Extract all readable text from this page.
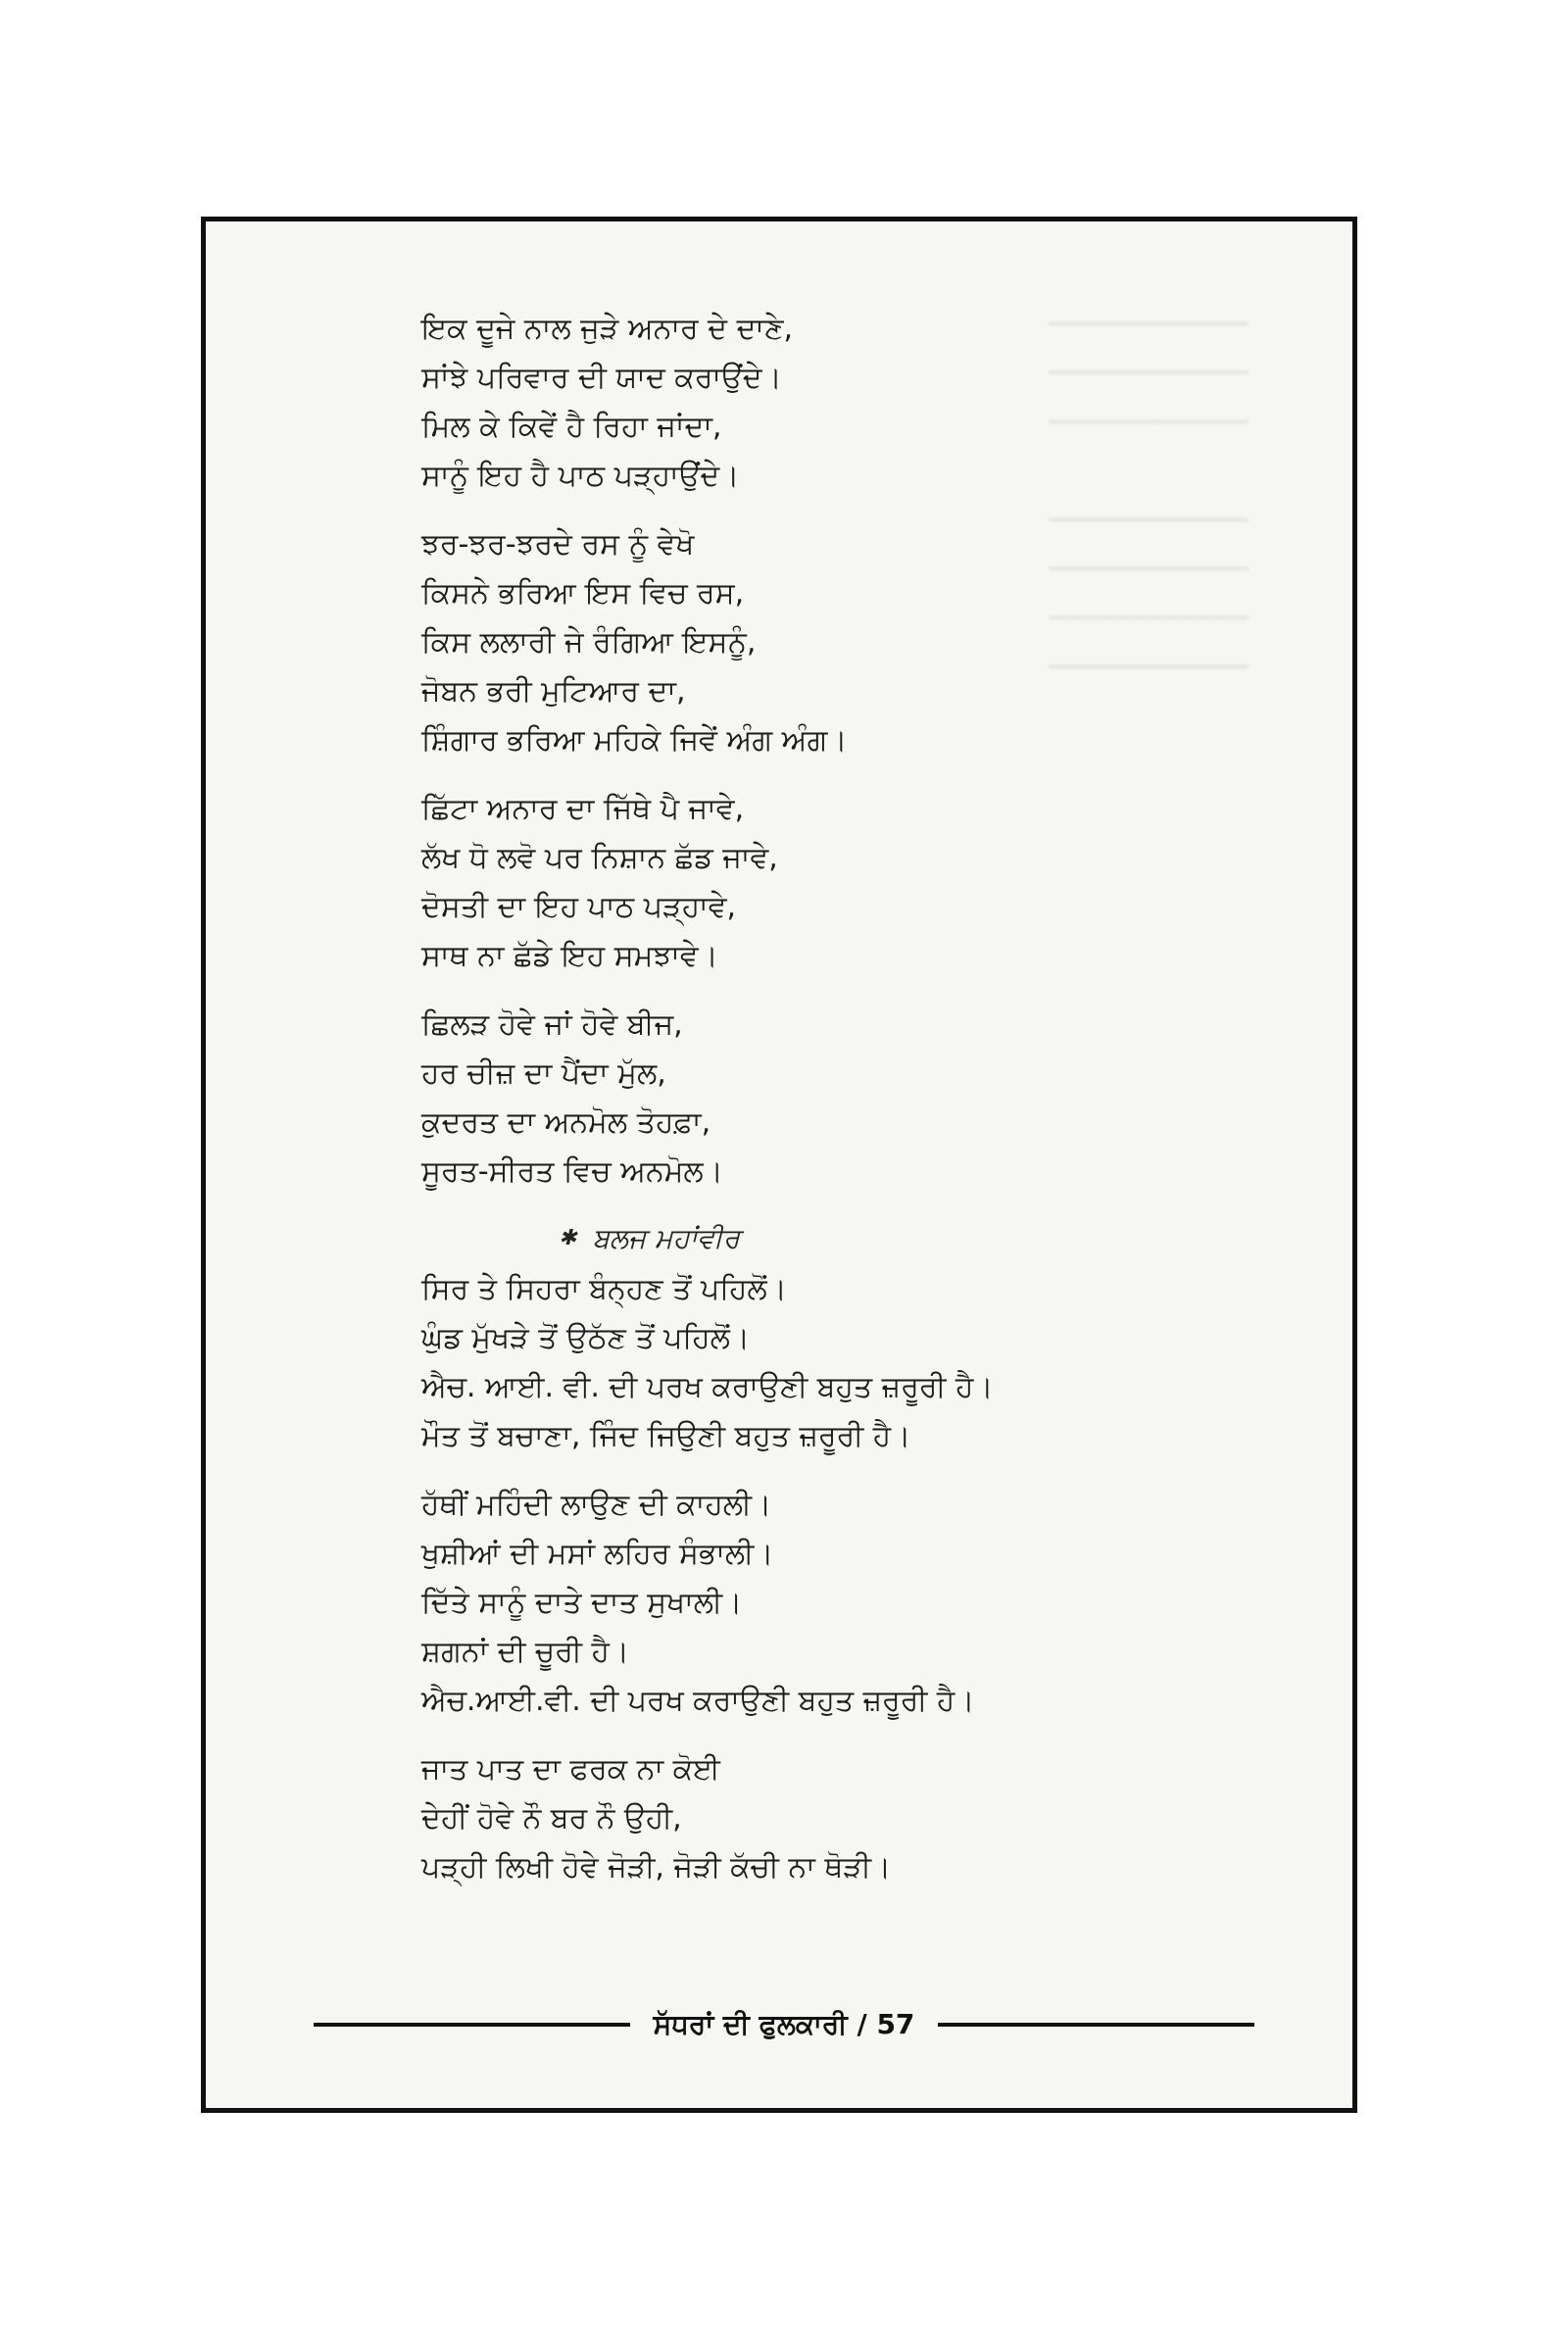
━━━━━━━━━━━━━
━━━━━━━━━━━━━
━━━━━━━━━━━━━

━━━━━━━━━━━━━
━━━━━━━━━━━━━
━━━━━━━━━━━━━
━━━━━━━━━━━━━
ਇਕ ਦੂਜੇ ਨਾਲ ਜੁੜੇ ਅਨਾਰ ਦੇ ਦਾਣੇ,
ਸਾਂਝੇ ਪਰਿਵਾਰ ਦੀ ਯਾਦ ਕਰਾਉਂਦੇ।
ਮਿਲ ਕੇ ਕਿਵੇਂ ਹੈ ਰਿਹਾ ਜਾਂਦਾ,
ਸਾਨੂੰ ਇਹ ਹੈ ਪਾਠ ਪੜ੍ਹਾਉਂਦੇ।
ਝਰ-ਝਰ-ਝਰਦੇ ਰਸ ਨੂੰ ਵੇਖੋ
ਕਿਸਨੇ ਭਰਿਆ ਇਸ ਵਿਚ ਰਸ,
ਕਿਸ ਲਲਾਰੀ ਜੇ ਰੰਗਿਆ ਇਸਨੂੰ,
ਜੋਬਨ ਭਰੀ ਮੁਟਿਆਰ ਦਾ,
ਸ਼ਿੰਗਾਰ ਭਰਿਆ ਮਹਿਕੇ ਜਿਵੇਂ ਅੰਗ ਅੰਗ।
ਛਿੱਟਾ ਅਨਾਰ ਦਾ ਜਿੱਥੇ ਪੈ ਜਾਵੇ,
ਲੱਖ ਧੋ ਲਵੋ ਪਰ ਨਿਸ਼ਾਨ ਛੱਡ ਜਾਵੇ,
ਦੋਸਤੀ ਦਾ ਇਹ ਪਾਠ ਪੜ੍ਹਾਵੇ,
ਸਾਥ ਨਾ ਛੱਡੇ ਇਹ ਸਮਝਾਵੇ।
ਛਿਲੜ ਹੋਵੇ ਜਾਂ ਹੋਵੇ ਬੀਜ,
ਹਰ ਚੀਜ਼ ਦਾ ਪੈਂਦਾ ਮੁੱਲ,
ਕੁਦਰਤ ਦਾ ਅਨਮੋਲ ਤੋਹਫ਼ਾ,
ਸੂਰਤ-ਸੀਰਤ ਵਿਚ ਅਨਮੋਲ।
✱ ਬਲਜ ਮਹਾਂਵੀਰ
ਸਿਰ ਤੇ ਸਿਹਰਾ ਬੰਨ੍ਹਣ ਤੋਂ ਪਹਿਲੋਂ।
ਘੁੰਡ ਮੁੱਖੜੇ ਤੋਂ ਉਠੱਣ ਤੋਂ ਪਹਿਲੋਂ।
ਐਚ. ਆਈ. ਵੀ. ਦੀ ਪਰਖ ਕਰਾਉਣੀ ਬਹੁਤ ਜ਼ਰੂਰੀ ਹੈ।
ਮੌਤ ਤੋਂ ਬਚਾਣਾ, ਜਿੰਦ ਜਿਉਣੀ ਬਹੁਤ ਜ਼ਰੂਰੀ ਹੈ।
ਹੱਥੀਂ ਮਹਿੰਦੀ ਲਾਉਣ ਦੀ ਕਾਹਲੀ।
ਖੁਸ਼ੀਆਂ ਦੀ ਮਸਾਂ ਲਹਿਰ ਸੰਭਾਲੀ।
ਦਿੱਤੇ ਸਾਨੂੰ ਦਾਤੇ ਦਾਤ ਸੁਖਾਲੀ।
ਸ਼ਗਨਾਂ ਦੀ ਚੂਰੀ ਹੈ।
ਐਚ.ਆਈ.ਵੀ. ਦੀ ਪਰਖ ਕਰਾਉਣੀ ਬਹੁਤ ਜ਼ਰੂਰੀ ਹੈ।
ਜਾਤ ਪਾਤ ਦਾ ਫਰਕ ਨਾ ਕੋਈ
ਦੇਹੀਂ ਹੋਵੇ ਨੌ ਬਰ ਨੌ ਉਹੀ,
ਪੜ੍ਹੀ ਲਿਖੀ ਹੋਵੇ ਜੋੜੀ, ਜੋੜੀ ਕੱਚੀ ਨਾ ਥੋੜੀ।
ਸੱਧਰਾਂ ਦੀ ਫੁਲਕਾਰੀ / 57
